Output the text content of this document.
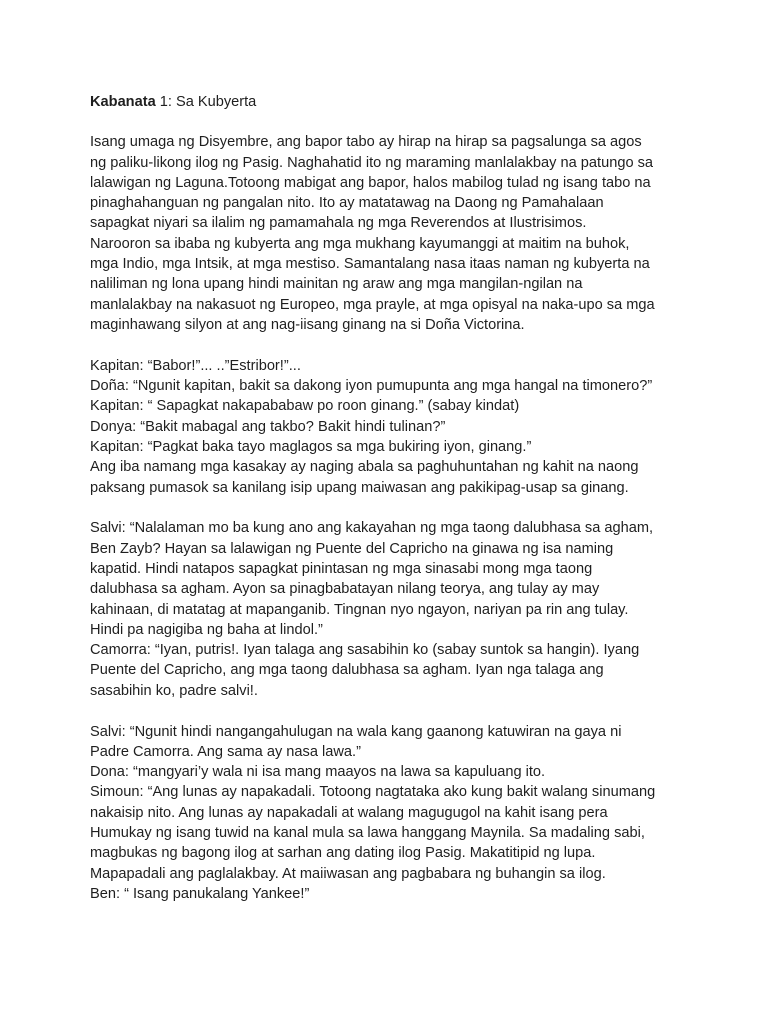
Kabanata 1: Sa Kubyerta
Isang umaga ng Disyembre, ang bapor tabo ay hirap na hirap sa pagsalunga sa agos
ng paliku-likong ilog ng Pasig. Naghahatid ito ng maraming manlalakbay na patungo sa
lalawigan ng Laguna.Totoong mabigat ang bapor, halos mabilog tulad ng isang tabo na
pinaghahanguan ng pangalan nito. Ito ay matatawag na Daong ng Pamahalaan
sapagkat niyari sa ilalim ng pamamahala ng mga Reverendos at Ilustrisimos.
Narooron sa ibaba ng kubyerta ang mga mukhang kayumanggi at maitim na buhok,
mga Indio, mga Intsik, at mga mestiso. Samantalang nasa itaas naman ng kubyerta na
naliliman ng lona upang hindi mainitan ng araw ang mga mangilan-ngilan na
manlalakbay na nakasuot ng Europeo, mga prayle, at mga opisyal na naka-upo sa mga
maginhawang silyon at ang nag-iisang ginang na si Doña Victorina.
Kapitan: “Babor!”... ..”Estribor!”...
Doña: “Ngunit kapitan, bakit sa dakong iyon pumupunta ang mga hangal na timonero?”
Kapitan: “ Sapagkat nakapababaw po roon ginang.” (sabay kindat)
Donya: “Bakit mabagal ang takbo? Bakit hindi tulinan?”
Kapitan: “Pagkat baka tayo maglagos sa mga bukiring iyon, ginang.”
Ang iba namang mga kasakay ay naging abala sa paghuhuntahan ng kahit na naong
paksang pumasok sa kanilang isip upang maiwasan ang pakikipag-usap sa ginang.
Salvi: “Nalalaman mo ba kung ano ang kakayahan ng mga taong dalubhasa sa agham,
Ben Zayb? Hayan sa lalawigan ng Puente del Capricho na ginawa ng isa naming
kapatid. Hindi natapos sapagkat pinintasan ng mga sinasabi mong mga taong
dalubhasa sa agham. Ayon sa pinagbabatayan nilang teorya, ang tulay ay may
kahinaan, di matatag at mapanganib. Tingnan nyo ngayon, nariyan pa rin ang tulay.
Hindi pa nagigiba ng baha at lindol.”
Camorra: “Iyan, putris!. Iyan talaga ang sasabihin ko (sabay suntok sa hangin). Iyang
Puente del Capricho, ang mga taong dalubhasa sa agham. Iyan nga talaga ang
sasabihin ko, padre salvi!.
Salvi: “Ngunit hindi nangangahulugan na wala kang gaanong katuwiran na gaya ni
Padre Camorra. Ang sama ay nasa lawa.”
Dona: “mangyari’y wala ni isa mang maayos na lawa sa kapuluang ito.
Simoun: “Ang lunas ay napakadali. Totoong nagtataka ako kung bakit walang sinumang
nakaisip nito. Ang lunas ay napakadali at walang magugugol na kahit isang pera
Humukay ng isang tuwid na kanal mula sa lawa hanggang Maynila. Sa madaling sabi,
magbukas ng bagong ilog at sarhan ang dating ilog Pasig. Makatitipid ng lupa.
Mapapadali ang paglalakbay. At maiiwasan ang pagbabara ng buhangin sa ilog.
Ben: “ Isang panukalang Yankee!”
